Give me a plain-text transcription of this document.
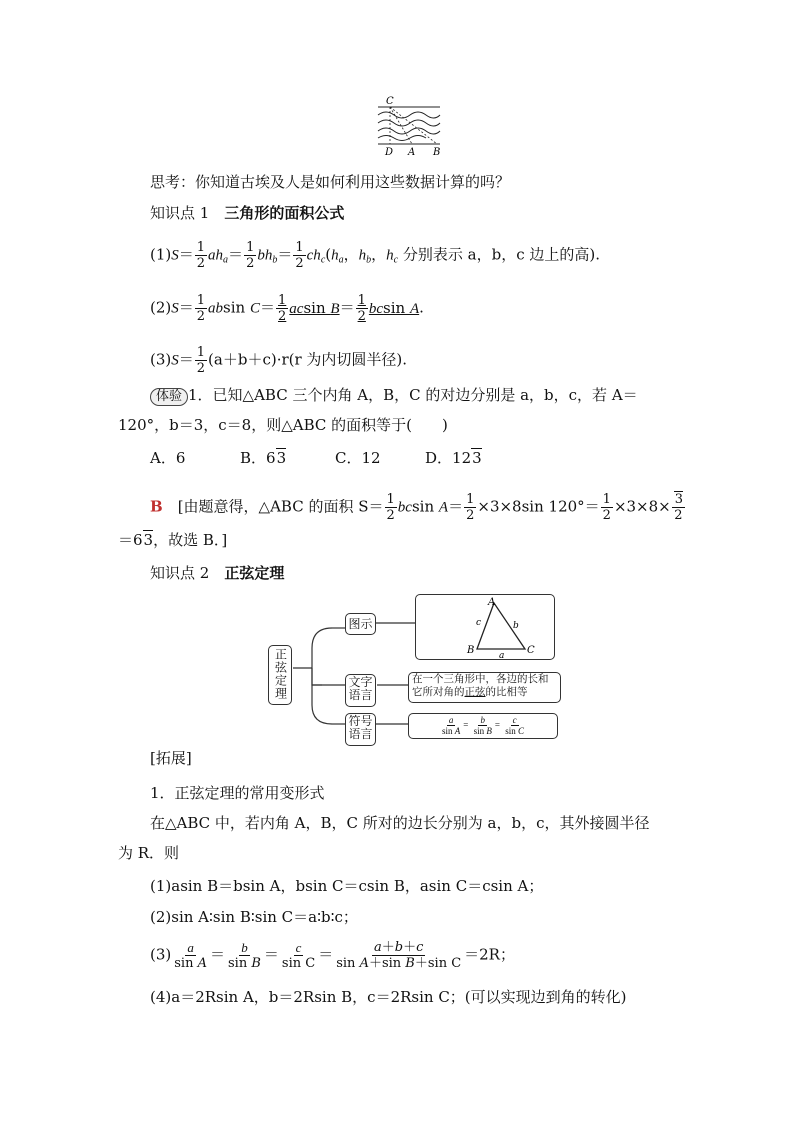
C
D A B
思考：你知道古埃及人是如何利用这些数据计算的吗？
知识点 1　 三角形的面积公式
$(1)S= \frac{1}{2} ah_a= \frac{1}{2} bh_b= \frac{1}{2} ch_c(h_a$，$h_b$，$h_c$ 分别表示 a，b，c 边上的高).
$(2)S= \frac{1}{2}$ absin $C= \frac{1}{2}$ acsin $B= \frac{1}{2}$ bcsin A.
$(3)S= \frac{1}{2} (a+b+c)\cdot r(r$ 为内切圆半径).
体验 1．已知△ABC 三个内角 A，B，C 的对边分别是 a，b，c，若 A＝
120°，b＝3，c＝8，则△ABC 的面积等于(　　)
A．6	B．63	C．12	D．123
B　 [由题意得，△ABC 的面积 $S= \frac{1}{2}$ bcsin $A= \frac{1}{2} \times 3\times 8\sin$ $120^\circ= \frac{1}{2} \times 3\times 8\times \frac{3}{2}$
＝63，故选 B．]
知识点 2　 正弦定理
正弦定理
图示
文字语言
符号语言
A
B	C
a
b
c
在一个三角形中，各边的长和
它所对角的正弦的比相等
$\frac{a}{\text{sin A}} = \frac{b}{\text{sin B}} = \frac{c}{\text{sin C}}$
[拓展]
1．正弦定理的常用变形式
在△ABC 中，若内角 A，B，C 所对的边长分别为 a，b，c，其外接圆半径
为 R．则
(1)asin B＝bsin A，bsin C＝csin B，asin C＝csin A；
(2)sin A∶sin B∶sin C＝a∶b∶c；
$(3) \frac{a}{\text{sin A}} = \frac{b}{\text{sin B}} = \frac{c}{\text{sin C}} = \frac{a+b+c}{\text{sin A＋sin B＋sin C}} =2R$；
(4)a＝2Rsin A，b＝2Rsin B，c＝2Rsin C；(可以实现边到角的转化)
